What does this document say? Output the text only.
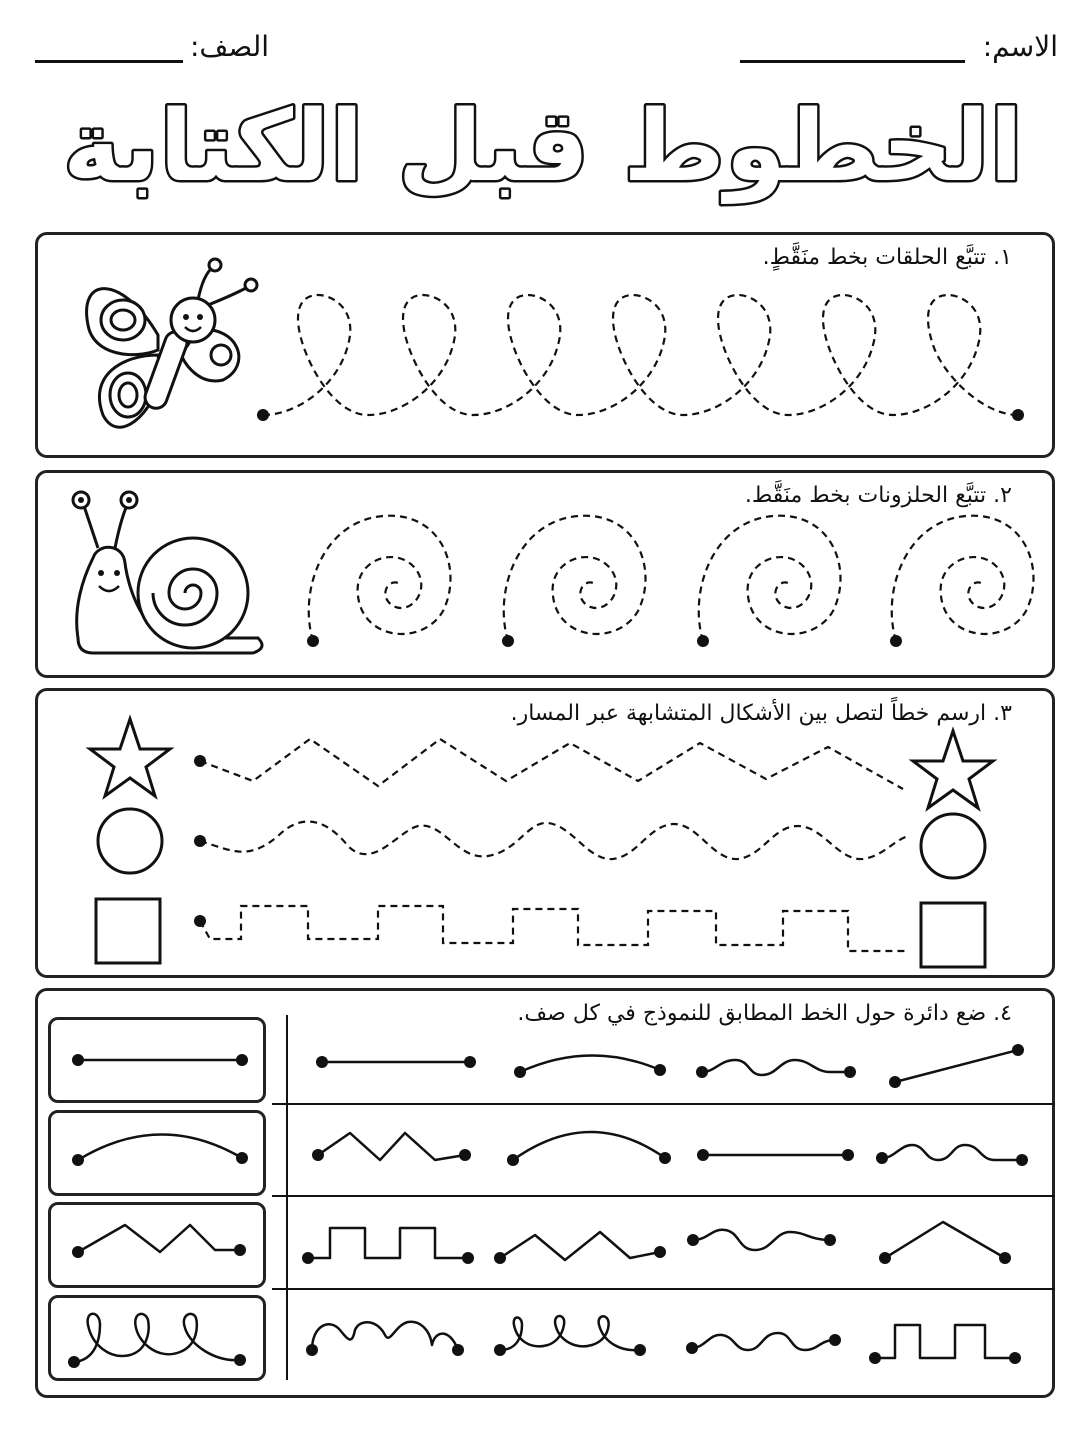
الاسم:
الصف:
الخطوط قبل الكتابة
١. تتبَّع الحلقات بخط منَقَّطٍ.
٢. تتبَّع الحلزونات بخط منَقَّط.
٣. ارسم خطاً لتصل بين الأشكال المتشابهة عبر المسار.
٤. ضع دائرة حول الخط المطابق للنموذج في كل صف.
